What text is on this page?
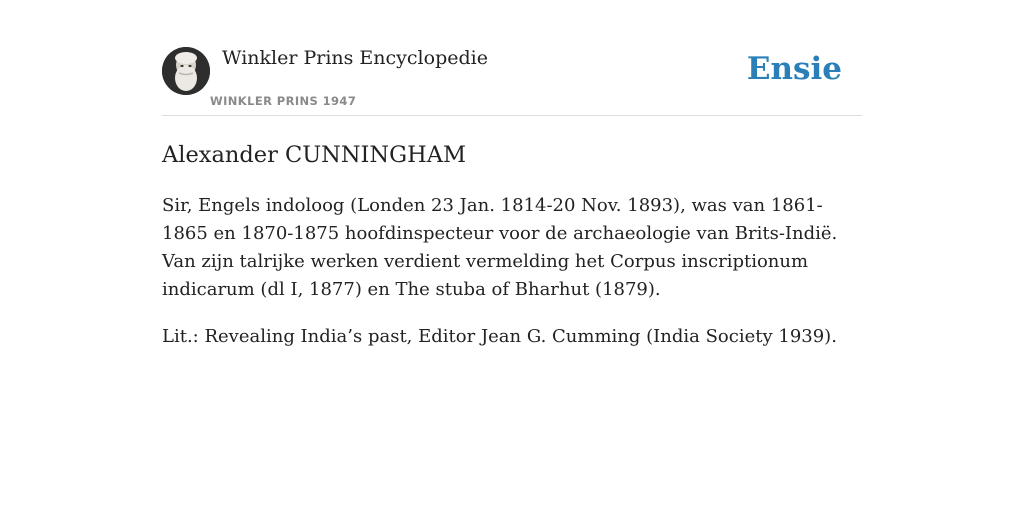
Winkler Prins Encyclopedie
WINKLER PRINS 1947
Ensie
Alexander CUNNINGHAM

Sir, Engels indoloog (Londen 23 Jan. 1814-20 Nov. 1893), was van 1861-1865 en 1870-1875 hoofdinspecteur voor de archaeologie van Brits-Indië. Van zijn talrijke werken verdient vermelding het Corpus inscriptionum indicarum (dl I, 1877) en The stuba of Bharhut (1879).

Lit.: Revealing India’s past, Editor Jean G. Cumming (India Society 1939).
